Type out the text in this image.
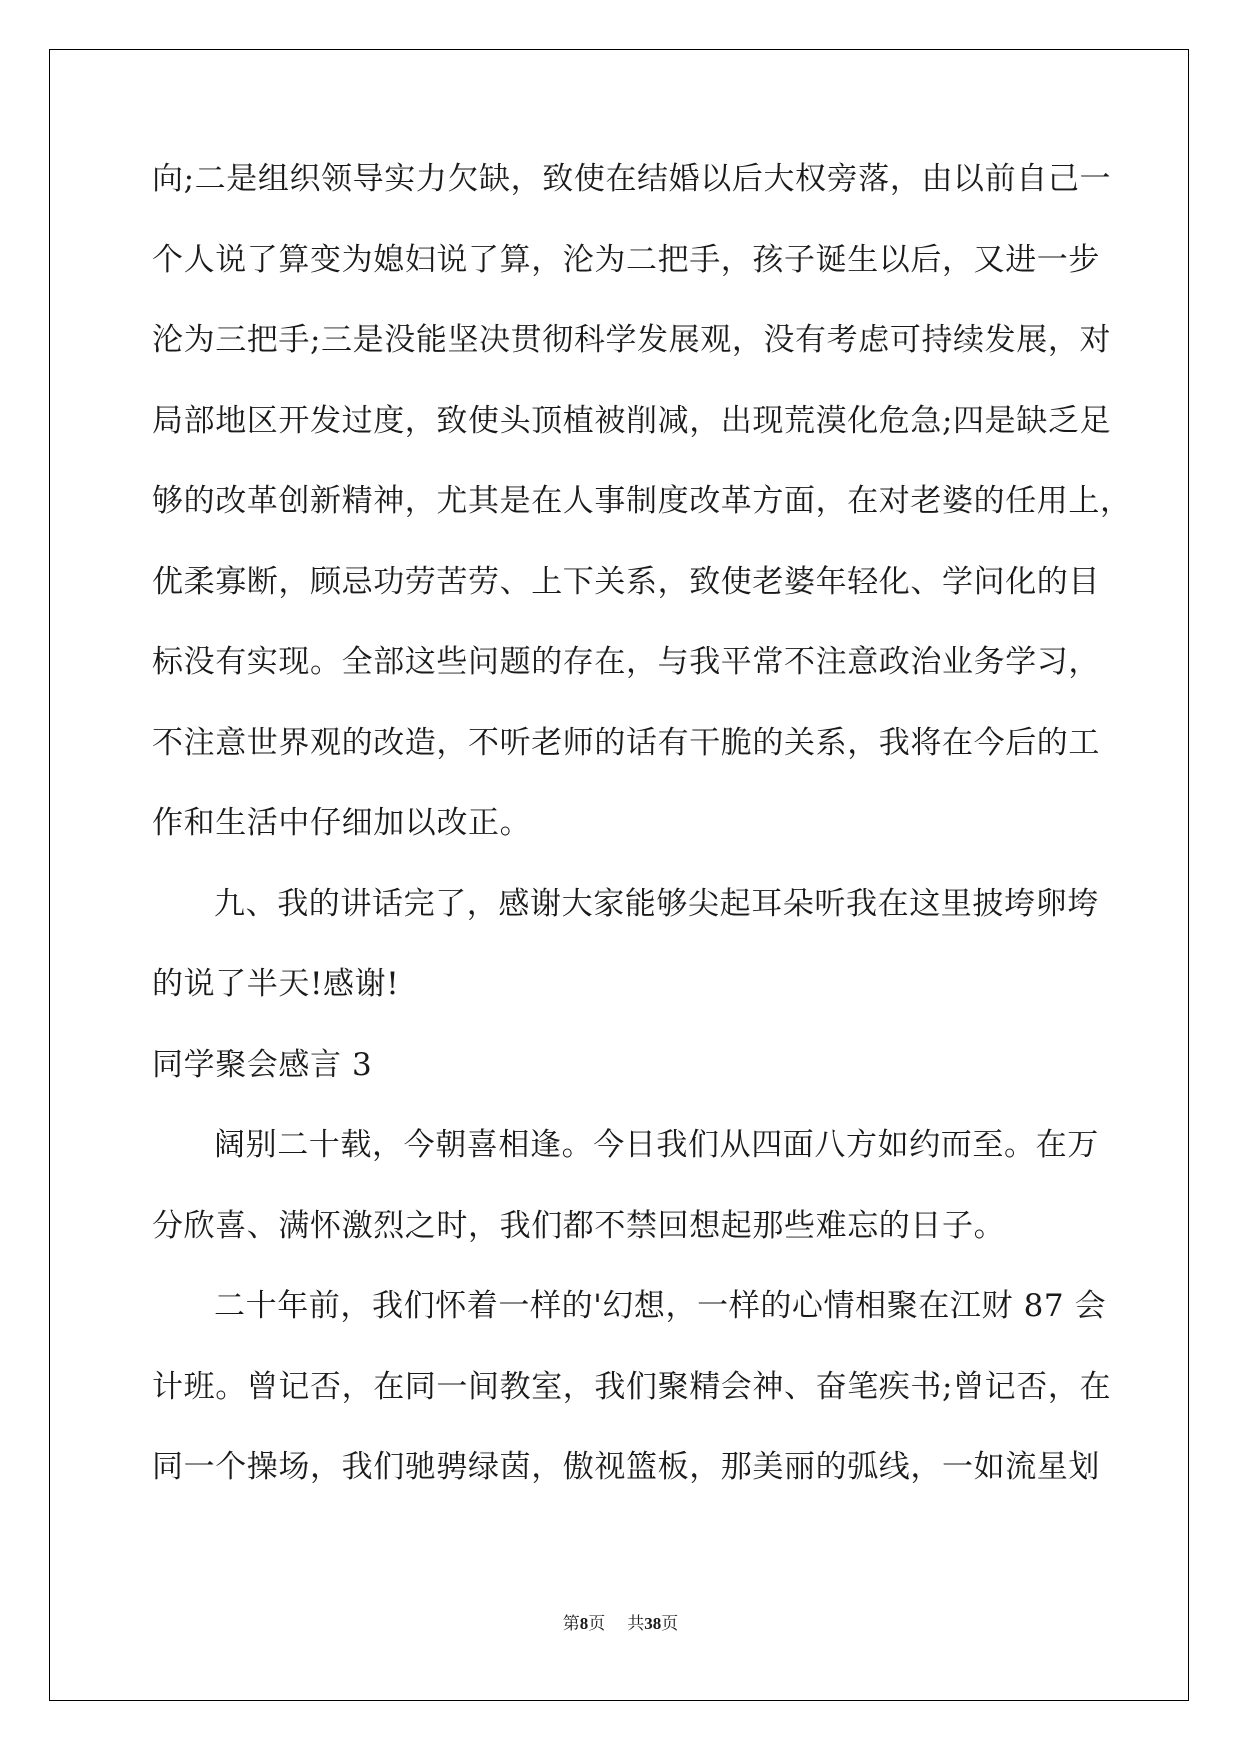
向;二是组织领导实力欠缺，致使在结婚以后大权旁落，由以前自己一
个人说了算变为媳妇说了算，沦为二把手，孩子诞生以后，又进一步
沦为三把手;三是没能坚决贯彻科学发展观，没有考虑可持续发展，对
局部地区开发过度，致使头顶植被削减，出现荒漠化危急;四是缺乏足
够的改革创新精神，尤其是在人事制度改革方面，在对老婆的任用上，
优柔寡断，顾忌功劳苦劳、上下关系，致使老婆年轻化、学问化的目
标没有实现。全部这些问题的存在，与我平常不注意政治业务学习，
不注意世界观的改造，不听老师的话有干脆的关系，我将在今后的工
作和生活中仔细加以改正。
九、我的讲话完了，感谢大家能够尖起耳朵听我在这里披垮卵垮
的说了半天!感谢!
同学聚会感言 3
阔别二十载，今朝喜相逢。今日我们从四面八方如约而至。在万
分欣喜、满怀激烈之时，我们都不禁回想起那些难忘的日子。
二十年前，我们怀着一样的'幻想，一样的心情相聚在江财 87 会
计班。曾记否，在同一间教室，我们聚精会神、奋笔疾书;曾记否，在
同一个操场，我们驰骋绿茵，傲视篮板，那美丽的弧线，一如流星划
第8页 共38页
